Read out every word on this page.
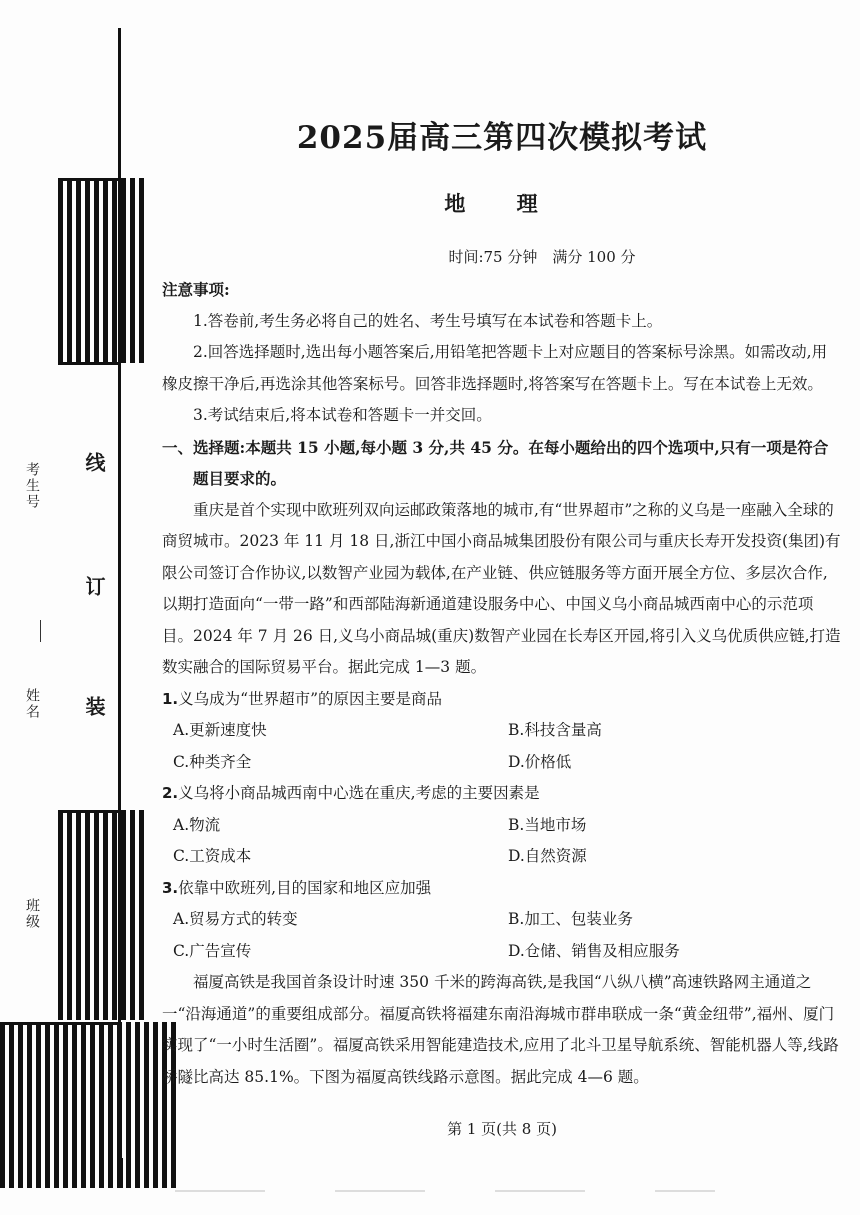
考生号
姓名
班级
线
订
装
2025届高三第四次模拟考试
地 理
时间:75 分钟　满分 100 分

注意事项:

1.答卷前,考生务必将自己的姓名、考生号填写在本试卷和答题卡上。

2.回答选择题时,选出每小题答案后,用铅笔把答题卡上对应题目的答案标号涂黑。如需改动,用橡皮擦干净后,再选涂其他答案标号。回答非选择题时,将答案写在答题卡上。写在本试卷上无效。

3.考试结束后,将本试卷和答题卡一并交回。

一、选择题:本题共 15 小题,每小题 3 分,共 45 分。在每小题给出的四个选项中,只有一项是符合题目要求的。

重庆是首个实现中欧班列双向运邮政策落地的城市,有“世界超市”之称的义乌是一座融入全球的商贸城市。2023 年 11 月 18 日,浙江中国小商品城集团股份有限公司与重庆长寿开发投资(集团)有限公司签订合作协议,以数智产业园为载体,在产业链、供应链服务等方面开展全方位、多层次合作,以期打造面向“一带一路”和西部陆海新通道建设服务中心、中国义乌小商品城西南中心的示范项目。2024 年 7 月 26 日,义乌小商品城(重庆)数智产业园在长寿区开园,将引入义乌优质供应链,打造数实融合的国际贸易平台。据此完成 1—3 题。

1.义乌成为“世界超市”的原因主要是商品

A.更新速度快	B.科技含量高
C.种类齐全	D.价格低

2.义乌将小商品城西南中心选在重庆,考虑的主要因素是

A.物流	B.当地市场
C.工资成本	D.自然资源

3.依靠中欧班列,目的国家和地区应加强

A.贸易方式的转变	B.加工、包装业务
C.广告宣传	D.仓储、销售及相应服务

福厦高铁是我国首条设计时速 350 千米的跨海高铁,是我国“八纵八横”高速铁路网主通道之一“沿海通道”的重要组成部分。福厦高铁将福建东南沿海城市群串联成一条“黄金纽带”,福州、厦门实现了“一小时生活圈”。福厦高铁采用智能建造技术,应用了北斗卫星导航系统、智能机器人等,线路桥隧比高达 85.1%。下图为福厦高铁线路示意图。据此完成 4—6 题。

第 1 页(共 8 页)
